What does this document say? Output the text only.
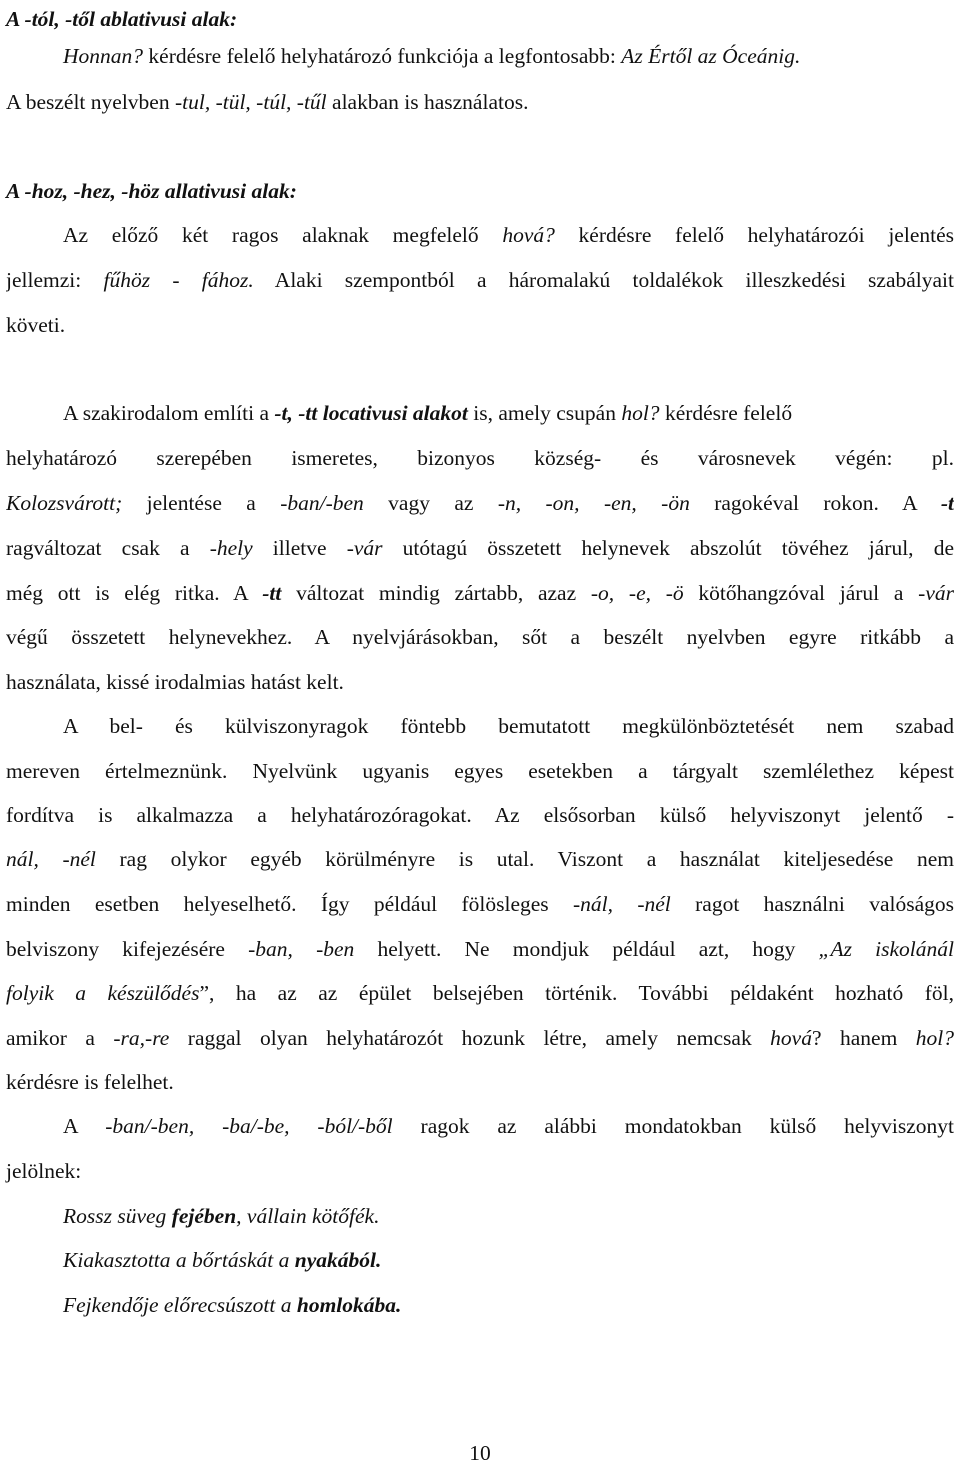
A -tól, -től ablativusi alak:
Honnan? kérdésre felelő helyhatározó funkciója a legfontosabb: Az Értől az Óceánig.
A beszélt nyelvben -tul, -tül, -túl, -tűl alakban is használatos.
A -hoz, -hez, -höz allativusi alak:
Az előző két ragos alaknak megfelelő hová? kérdésre felelő helyhatározói jelentés
jellemzi: fűhöz - fához. Alaki szempontból a háromalakú toldalékok illeszkedési szabályait
követi.
A szakirodalom említi a -t, -tt locativusi alakot is, amely csupán hol? kérdésre felelő
helyhatározó szerepében ismeretes, bizonyos község- és városnevek végén: pl.
Kolozsvárott; jelentése a -ban/-ben vagy az -n, -on, -en, -ön ragokéval rokon. A -t
ragváltozat csak a -hely illetve -vár utótagú összetett helynevek abszolút tövéhez járul, de
még ott is elég ritka. A -tt változat mindig zártabb, azaz -o, -e, -ö kötőhangzóval járul a -vár
végű összetett helynevekhez. A nyelvjárásokban, sőt a beszélt nyelvben egyre ritkább a
használata, kissé irodalmias hatást kelt.
A bel- és külviszonyragok föntebb bemutatott megkülönböztetését nem szabad
mereven értelmeznünk. Nyelvünk ugyanis egyes esetekben a tárgyalt szemlélethez képest
fordítva is alkalmazza a helyhatározóragokat. Az elsősorban külső helyviszonyt jelentő -
nál, -nél rag olykor egyéb körülményre is utal. Viszont a használat kiteljesedése nem
minden esetben helyeselhető. Így például fölösleges -nál, -nél ragot használni valóságos
belviszony kifejezésére -ban, -ben helyett. Ne mondjuk például azt, hogy „Az iskolánál
folyik a készülődés”, ha az az épület belsejében történik. További példaként hozható föl,
amikor a -ra,-re raggal olyan helyhatározót hozunk létre, amely nemcsak hová? hanem hol?
kérdésre is felelhet.
A -ban/-ben, -ba/-be, -ból/-ből ragok az alábbi mondatokban külső helyviszonyt
jelölnek:
Rossz süveg fejében, vállain kötőfék.
Kiakasztotta a bőrtáskát a nyakából.
Fejkendője előrecsúszott a homlokába.
10
